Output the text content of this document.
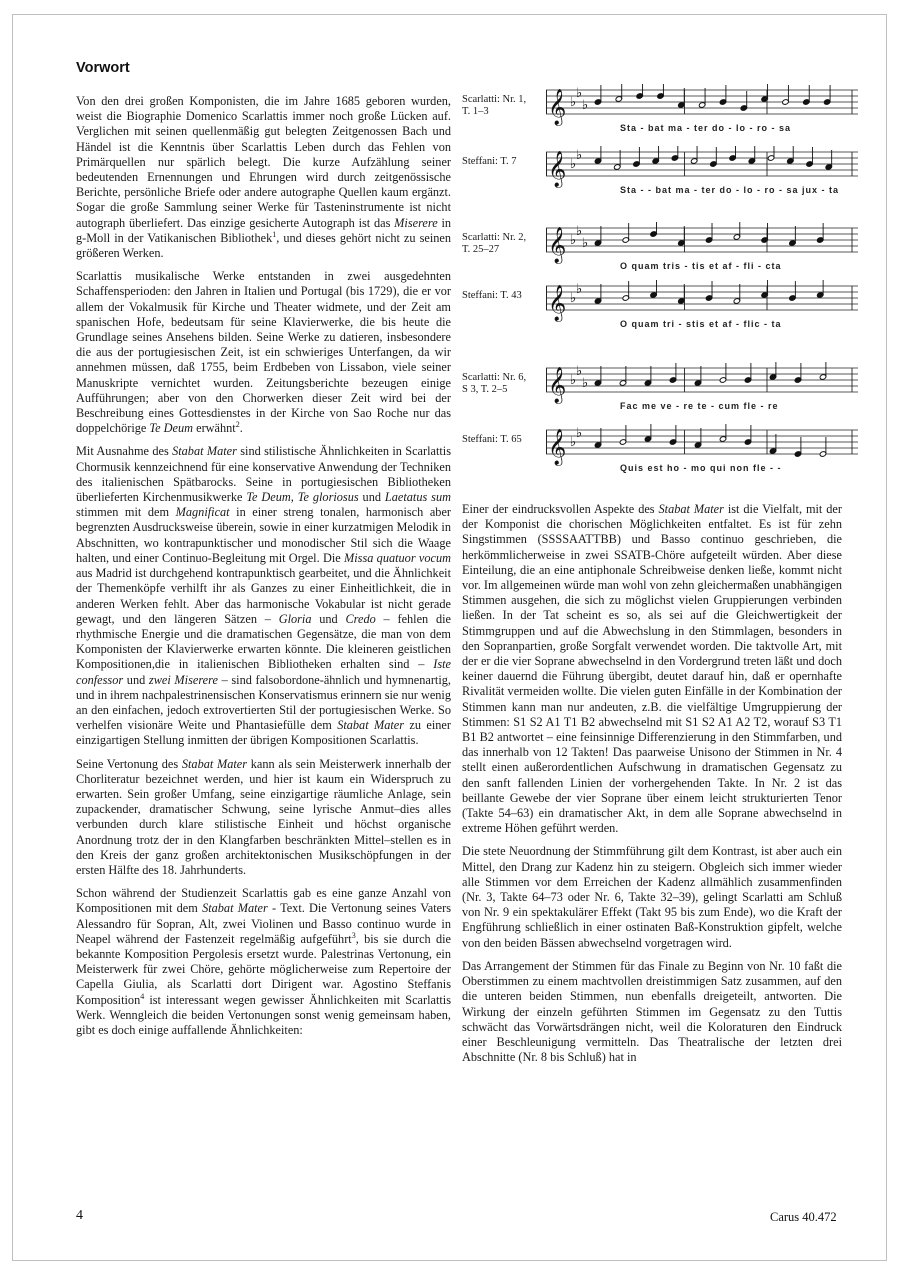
Vorwort
Scarlatti: Nr. 1,
T. 1–3	𝄞 ♭
♭
♭
Sta - bat ma - ter do - lo - ro - sa
Steffani: T. 7	𝄞 ♭
♭
Sta - - bat ma - ter do - lo - ro - sa jux - ta
Scarlatti: Nr. 2,
T. 25–27	𝄞 ♭
♭
♭
O quam tris - tis et af - fli - cta
Steffani: T. 43 𝄞 ♭
♭
O quam tri - stis et af - flic - ta
Scarlatti: Nr. 6,
S 3, T. 2–5	𝄞 ♭
♭
♭
Fac me ve - re te - cum fle - re
Steffani: T. 65 𝄞 ♭
♭
Quis est ho - mo qui non fle - -

Von den drei großen Komponisten, die im Jahre 1685 geboren wurden, weist die Biographie Domenico Scarlattis immer noch große Lücken auf. Verglichen mit seinen quellenmäßig gut belegten Zeitgenossen Bach und Händel ist die Kenntnis über Scarlattis Leben durch das Fehlen von Primärquellen nur spärlich belegt. Die kurze Aufzählung seiner bedeutenden Ernennungen und Ehrungen wird durch zeitgenössische Berichte, persönliche Briefe oder andere autographe Quellen kaum ergänzt. Sogar die große Sammlung seiner Werke für Tasteninstrumente ist nicht autograph überliefert. Das einzige gesicherte Autograph ist das Miserere in g-Moll in der Vatikanischen Bibliothek$^1$, und dieses gehört nicht zu seinen größeren Werken.

Scarlattis musikalische Werke entstanden in zwei ausgedehnten Schaffensperioden: den Jahren in Italien und Portugal (bis 1729), die er vor allem der Vokalmusik für Kirche und Theater widmete, und der Zeit am spanischen Hofe, bedeutsam für seine Klavierwerke, die bis heute die Grundlage seines Ansehens bilden. Seine Werke zu datieren, insbesondere die aus der portugiesischen Zeit, ist ein schwieriges Unterfangen, da wir annehmen müssen, daß 1755, beim Erdbeben von Lissabon, viele seiner Manuskripte vernichtet wurden. Zeitungsberichte bezeugen einige Aufführungen; aber von den Chorwerken dieser Zeit wird bei der Beschreibung eines Gottesdienstes in der Kirche von Sao Roche nur das doppelchörige Te Deum erwähnt$^2$.

Mit Ausnahme des Stabat Mater sind stilistische Ähnlichkeiten in Scarlattis Chormusik kennzeichnend für eine konservative Anwendung der Techniken des italienischen Spätbarocks. Seine in portugiesischen Bibliotheken überlieferten Kirchenmusikwerke Te Deum, Te gloriosus und Laetatus sum stimmen mit dem Magnificat in einer streng tonalen, harmonisch aber begrenzten Ausdrucksweise überein, sowie in einer kurzatmigen Melodik in Abschnitten, wo kontrapunktischer und monodischer Stil sich die Waage halten, und einer Continuo-Begleitung mit Orgel. Die Missa quatuor vocum aus Madrid ist durchgehend kontrapunktisch gearbeitet, und die Ähnlichkeit der Themenköpfe verhilft ihr als Ganzes zu einer Einheitlichkeit, die in anderen Werken fehlt. Aber das harmonische Vokabular ist nicht gerade gewagt, und den längeren Sätzen – Gloria und Credo – fehlen die rhythmische Energie und die dramatischen Gegensätze, die man von dem Komponisten der Klavierwerke erwarten könnte. Die kleineren geistlichen Kompositionen,die in italienischen Bibliotheken erhalten sind – Iste confessor und zwei Miserere – sind falsobordone-ähnlich und hymnenartig, und in ihrem nachpalestrinensischen Konservatismus erinnern sie nur wenig an den einfachen, jedoch extrovertierten Stil der portugiesischen Werke. So verhelfen visionäre Weite und Phantasiefülle dem Stabat Mater zu einer einzigartigen Stellung inmitten der übrigen Kompositionen Scarlattis.

Seine Vertonung des Stabat Mater kann als sein Meisterwerk innerhalb der Chorliteratur bezeichnet werden, und hier ist kaum ein Widerspruch zu erwarten. Sein großer Umfang, seine einzigartige räumliche Anlage, sein zupackender, dramatischer Schwung, seine lyrische Anmut–dies alles verbunden durch klare stilistische Einheit und höchst organische Anordnung trotz der in den Klangfarben beschränkten Mittel–stellen es in den Kreis der ganz großen architektonischen Musikschöpfungen in der ersten Hälfte des 18. Jahrhunderts.

Schon während der Studienzeit Scarlattis gab es eine ganze Anzahl von Kompositionen mit dem Stabat Mater - Text. Die Vertonung seines Vaters Alessandro für Sopran, Alt, zwei Violinen und Basso continuo wurde in Neapel während der Fastenzeit regelmäßig aufgeführt$^3$, bis sie durch die bekannte Komposition Pergolesis ersetzt wurde. Palestrinas Vertonung, ein Meisterwerk für zwei Chöre, gehörte möglicherweise zum Repertoire der Capella Giulia, als Scarlatti dort Dirigent war. Agostino Steffanis Komposition$^4$ ist interessant wegen gewisser Ähnlichkeiten mit Scarlattis Werk. Wenngleich die beiden Vertonungen sonst wenig gemeinsam haben, gibt es doch einige auffallende Ähnlichkeiten:

Einer der eindrucksvollen Aspekte des Stabat Mater ist die Vielfalt, mit der der Komponist die chorischen Möglichkeiten entfaltet. Es ist für zehn Singstimmen (SSSSAATTBB) und Basso continuo geschrieben, die herkömmlicherweise in zwei SSATB-Chöre aufgeteilt würden. Aber diese Einteilung, die an eine antiphonale Schreibweise denken ließe, kommt nicht vor. Im allgemeinen würde man wohl von zehn gleichermaßen unabhängigen Stimmen ausgehen, die sich zu möglichst vielen Gruppierungen verbinden ließen. In der Tat scheint es so, als sei auf die Gleichwertigkeit der Stimmgruppen und auf die Abwechslung in den Stimmlagen, besonders in den Sopranpartien, große Sorgfalt verwendet worden. Die taktvolle Art, mit der er die vier Soprane abwechselnd in den Vordergrund treten läßt und doch keiner dauernd die Führung übergibt, deutet darauf hin, daß er opernhafte Rivalität vermeiden wollte. Die vielen guten Einfälle in der Kombination der Stimmen kann man nur andeuten, z.B. die vielfältige Umgruppierung der Stimmen: S1 S2 A1 T1 B2 abwechselnd mit S1 S2 A1 A2 T2, worauf S3 T1 B1 B2 antwortet – eine feinsinnige Differenzierung in den Stimmfarben, und das innerhalb von 12 Takten! Das paarweise Unisono der Stimmen in Nr. 4 stellt einen außerordentlichen Aufschwung in dramatischen Gegensatz zu den sanft fallenden Linien der vorhergehenden Takte. In Nr. 2 ist das beillante Gewebe der vier Soprane über einem leicht strukturierten Tenor (Takte 54–63) ein dramatischer Akt, in dem alle Soprane abwechselnd in extreme Höhen geführt werden.

Die stete Neuordnung der Stimmführung gilt dem Kontrast, ist aber auch ein Mittel, den Drang zur Kadenz hin zu steigern. Obgleich sich immer wieder alle Stimmen vor dem Erreichen der Kadenz allmählich zusammenfinden (Nr. 3, Takte 64–73 oder Nr. 6, Takte 32–39), gelingt Scarlatti am Schluß von Nr. 9 ein spektakulärer Effekt (Takt 95 bis zum Ende), wo die Kraft der Engführung schließlich in einer ostinaten Baß-Konstruktion gipfelt, welche von den beiden Bässen abwechselnd vorgetragen wird.

Das Arrangement der Stimmen für das Finale zu Beginn von Nr. 10 faßt die Oberstimmen zu einem machtvollen dreistimmigen Satz zusammen, auf den die unteren beiden Stimmen, nun ebenfalls dreigeteilt, antworten. Die Wirkung der einzeln geführten Stimmen im Gegensatz zu den Tuttis schwächt das Vorwärtsdrängen nicht, weil die Koloraturen den Eindruck einer Beschleunigung vermitteln. Das Theatralische der letzten drei Abschnitte (Nr. 8 bis Schluß) hat in

4	Carus 40.472
